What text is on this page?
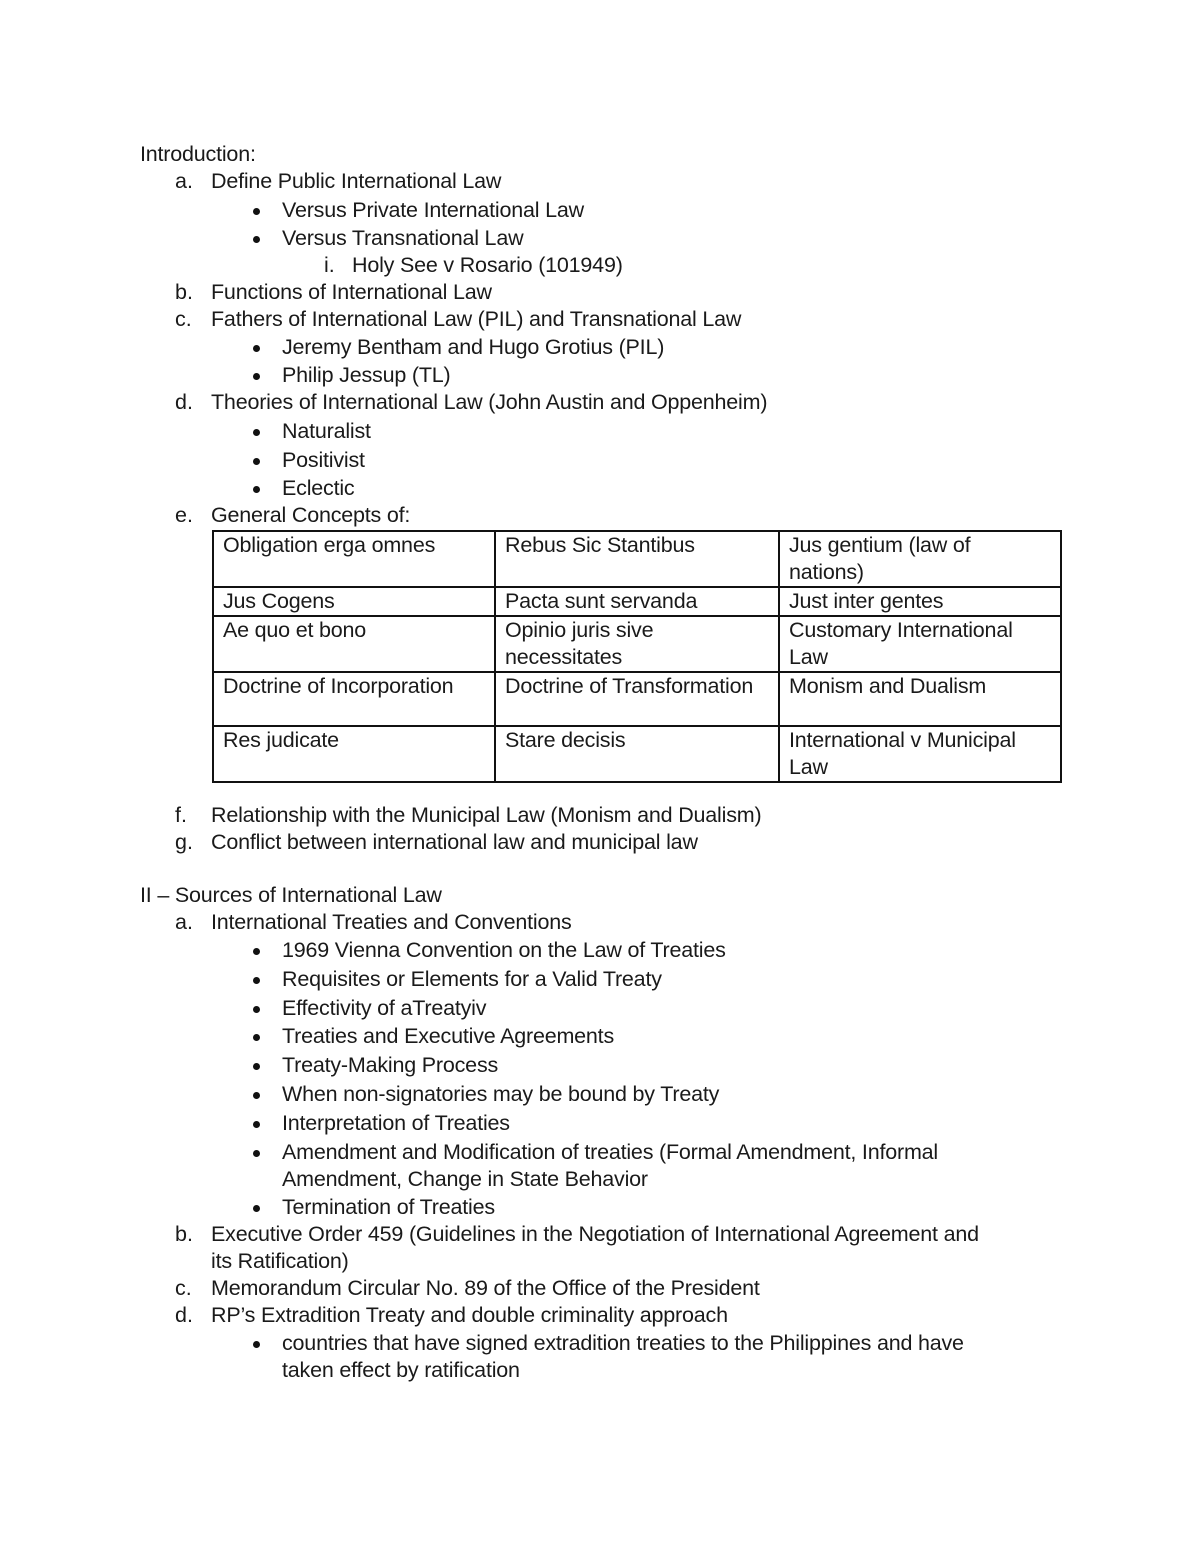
Introduction:
a. Define Public International Law
Versus Private International Law
Versus Transnational Law
i. Holy See v Rosario (101949)
b. Functions of International Law
c. Fathers of International Law (PIL) and Transnational Law
Jeremy Bentham and Hugo Grotius (PIL)
Philip Jessup (TL)
d. Theories of International Law (John Austin and Oppenheim)
Naturalist
Positivist
Eclectic
e. General Concepts of:
Obligation erga omnes	Rebus Sic Stantibus	Jus gentium (law of nations)
Jus Cogens	Pacta sunt servanda	Just inter gentes
Ae quo et bono	Opinio juris sive necessitates	Customary International Law
Doctrine of Incorporation	Doctrine of Transformation	Monism and Dualism
Res judicate	Stare decisis	International v Municipal Law
f. Relationship with the Municipal Law (Monism and Dualism)
g. Conflict between international law and municipal law
II – Sources of International Law
a. International Treaties and Conventions
1969 Vienna Convention on the Law of Treaties
Requisites or Elements for a Valid Treaty
Effectivity of aTreatyiv
Treaties and Executive Agreements
Treaty-Making Process
When non-signatories may be bound by Treaty
Interpretation of Treaties
Amendment and Modification of treaties (Formal Amendment, Informal
Amendment, Change in State Behavior
Termination of Treaties
b. Executive Order 459 (Guidelines in the Negotiation of International Agreement and
its Ratification)
c. Memorandum Circular No. 89 of the Office of the President
d. RP’s Extradition Treaty and double criminality approach
countries that have signed extradition treaties to the Philippines and have
taken effect by ratification
